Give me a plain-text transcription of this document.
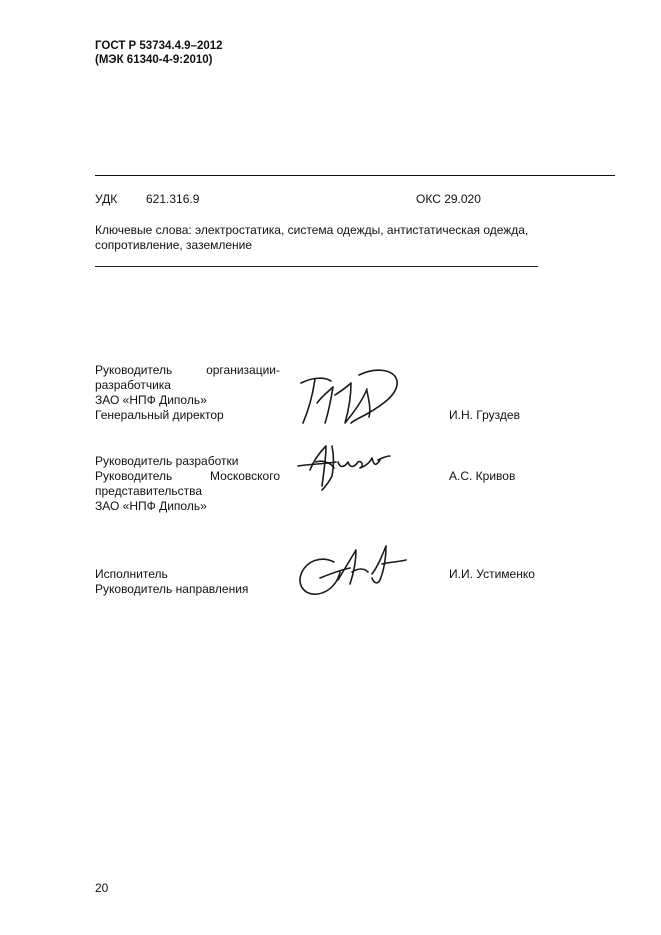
ГОСТ Р 53734.4.9–2012
(МЭК 61340-4-9:2010)
УДК 621.316.9	ОКС 29.020
Ключевые слова: электростатика, система одежды, антистатическая одежда,
сопротивление, заземление
Руководитель организации-
разработчика
ЗАО «НПФ Диполь»
Генеральный директор	И.Н. Груздев
Руководитель разработки
Руководитель Московского
представительства
ЗАО «НПФ Диполь»
А.С. Кривов
Исполнитель
Руководитель направления
И.И. Устименко
20
